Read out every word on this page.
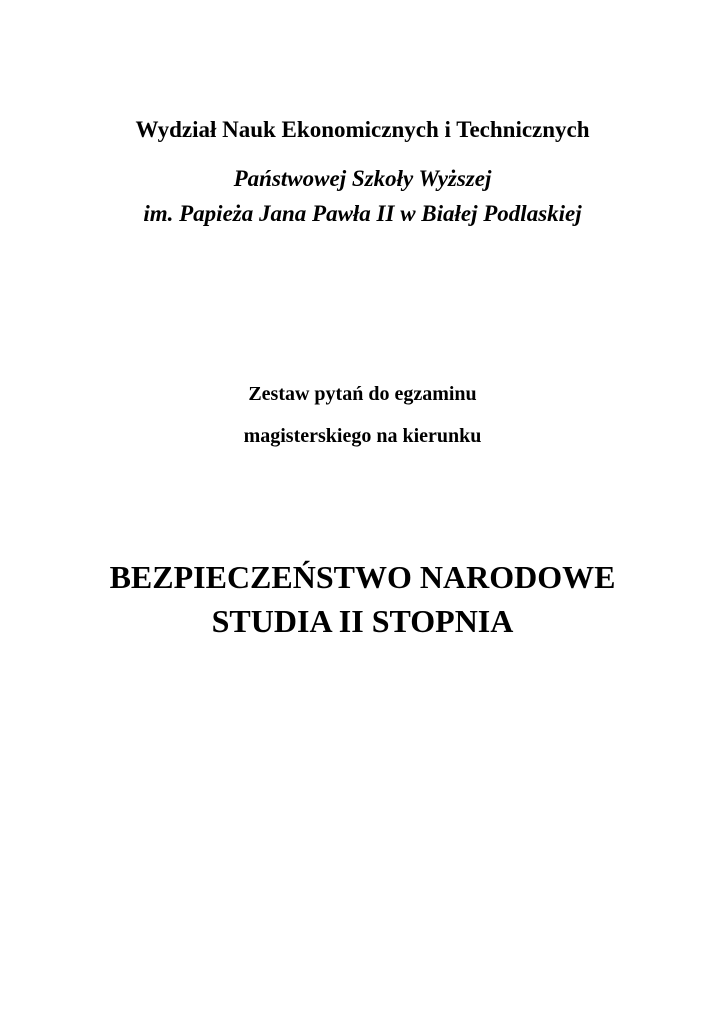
Wydział Nauk Ekonomicznych i Technicznych
Państwowej Szkoły Wyższej
im. Papieża Jana Pawła II w Białej Podlaskiej
Zestaw pytań do egzaminu
magisterskiego na kierunku
BEZPIECZEŃSTWO NARODOWE
STUDIA II STOPNIA
